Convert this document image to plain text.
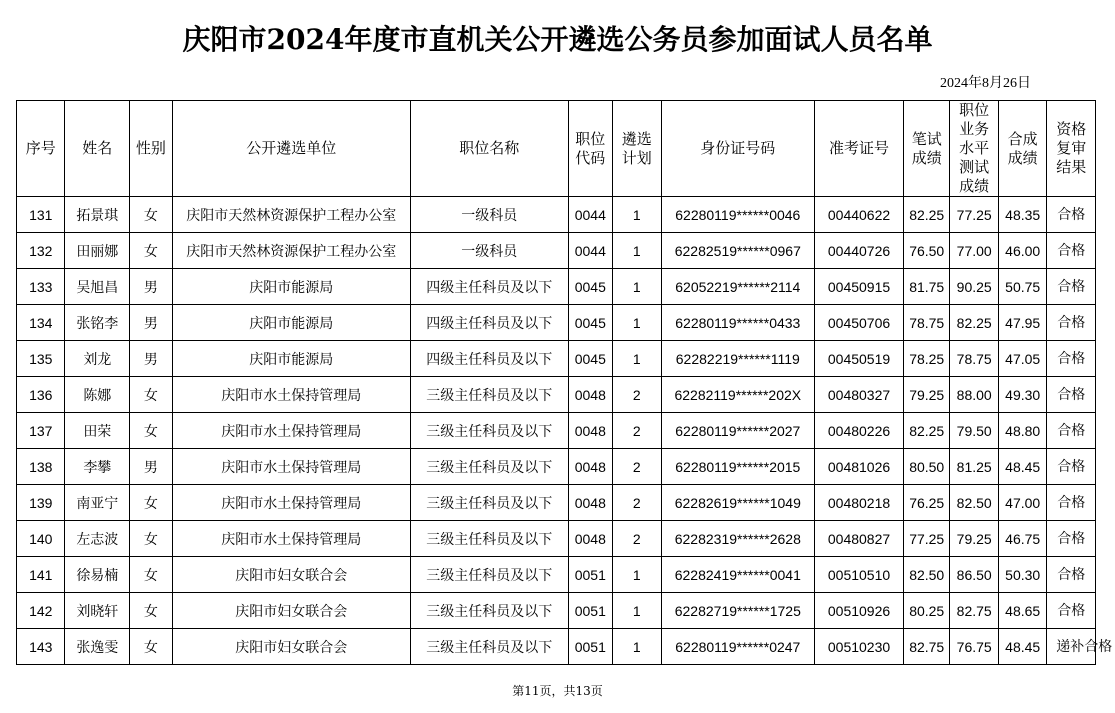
庆阳市2024年度市直机关公开遴选公务员参加面试人员名单
2024年8月26日
序号	姓名	性别	公开遴选单位	职位名称	职位代码	遴选计划	身份证号码	准考证号	笔试成绩	职位业务水平测试成绩	合成成绩	资格复审结果
131	拓景琪	女	庆阳市天然林资源保护工程办公室	一级科员	0044	1	62280119******0046	00440622	82.25	77.25	48.35	合格
132	田丽娜	女	庆阳市天然林资源保护工程办公室	一级科员	0044	1	62282519******0967	00440726	76.50	77.00	46.00	合格
133	吴旭昌	男	庆阳市能源局	四级主任科员及以下	0045	1	62052219******2114	00450915	81.75	90.25	50.75	合格
134	张铭李	男	庆阳市能源局	四级主任科员及以下	0045	1	62280119******0433	00450706	78.75	82.25	47.95	合格
135	刘龙	男	庆阳市能源局	四级主任科员及以下	0045	1	62282219******1119	00450519	78.25	78.75	47.05	合格
136	陈娜	女	庆阳市水土保持管理局	三级主任科员及以下	0048	2	62282119******202X	00480327	79.25	88.00	49.30	合格
137	田荣	女	庆阳市水土保持管理局	三级主任科员及以下	0048	2	62280119******2027	00480226	82.25	79.50	48.80	合格
138	李攀	男	庆阳市水土保持管理局	三级主任科员及以下	0048	2	62280119******2015	00481026	80.50	81.25	48.45	合格
139	南亚宁	女	庆阳市水土保持管理局	三级主任科员及以下	0048	2	62282619******1049	00480218	76.25	82.50	47.00	合格
140	左志波	女	庆阳市水土保持管理局	三级主任科员及以下	0048	2	62282319******2628	00480827	77.25	79.25	46.75	合格
141	徐易楠	女	庆阳市妇女联合会	三级主任科员及以下	0051	1	62282419******0041	00510510	82.50	86.50	50.30	合格
142	刘晓轩	女	庆阳市妇女联合会	三级主任科员及以下	0051	1	62282719******1725	00510926	80.25	82.75	48.65	合格
143	张逸雯	女	庆阳市妇女联合会	三级主任科员及以下	0051	1	62280119******0247	00510230	82.75	76.75	48.45	递补合格
第11页，共13页
